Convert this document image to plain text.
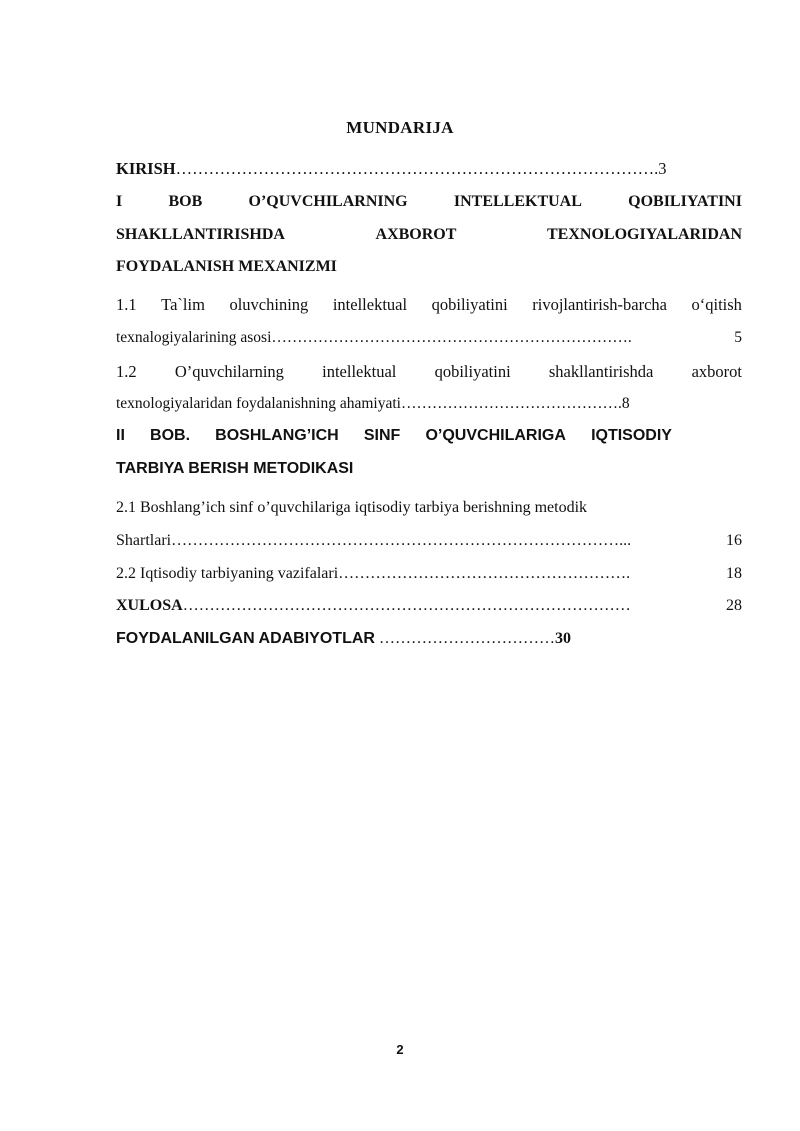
MUNDARIJA
KIRISH…………………………………………………………………………….3
I	BOB	O’QUVCHILARNING	INTELLEKTUAL	QOBILIYATINI
SHAKLLANTIRISHDA	AXBOROT	TEXNOLOGIYALARIDAN
FOYDALANISH MEXANIZMI
1.1 Ta`lim oluvchining intellektual qobiliyatini rivojlantirish-barcha o‘qitish
texnalogiyalarining asosi…………………………………………………………….	5
1.2 O’quvchilarning intellektual qobiliyatini shakllantirishda axborot
texnologiyalaridan foydalanishning ahamiyati…………………………………….8
II BOB. BOSHLANG’ICH SINF O’QUVCHILARIGA IQTISODIY
TARBIYA BERISH METODIKASI
2.1 Boshlang’ich sinf o’quvchilariga iqtisodiy tarbiya berishning metodik
Shartlari…………………………………………………………………………...	16
2.2 Iqtisodiy tarbiyaning vazifalari……………………………………………….	18
XULOSA…………………………………………………………………………	28
FOYDALANILGAN ADABIYOTLAR ……………………………30
2
